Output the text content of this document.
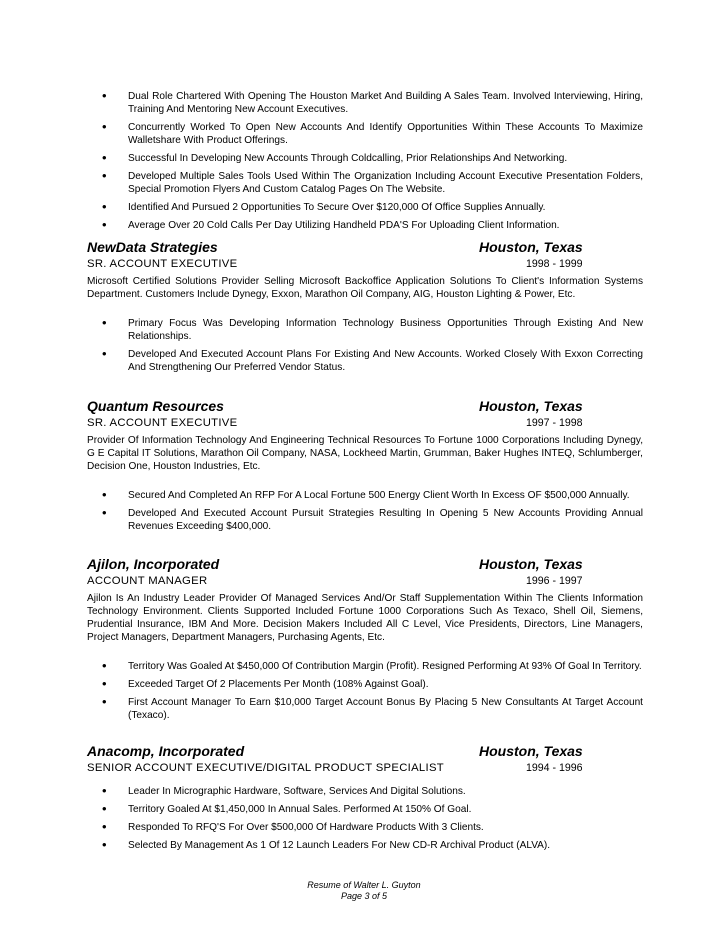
• Dual Role Chartered With Opening The Houston Market And Building A Sales Team. Involved Interviewing, Hiring, Training And Mentoring New Account Executives.
• Concurrently Worked To Open New Accounts And Identify Opportunities Within These Accounts To Maximize Walletshare With Product Offerings.
• Successful In Developing New Accounts Through Coldcalling, Prior Relationships And Networking.
• Developed Multiple Sales Tools Used Within The Organization Including Account Executive Presentation Folders, Special Promotion Flyers And Custom Catalog Pages On The Website.
• Identified And Pursued 2 Opportunities To Secure Over $120,000 Of Office Supplies Annually.
• Average Over 20 Cold Calls Per Day Utilizing Handheld PDA'S For Uploading Client Information.
NewData Strategies	Houston, Texas
SR. ACCOUNT EXECUTIVE	1998 - 1999
Microsoft Certified Solutions Provider Selling Microsoft Backoffice Application Solutions To Client's Information Systems Department. Customers Include Dynegy, Exxon, Marathon Oil Company, AIG, Houston Lighting & Power, Etc.
• Primary Focus Was Developing Information Technology Business Opportunities Through Existing And New Relationships.
• Developed And Executed Account Plans For Existing And New Accounts. Worked Closely With Exxon Correcting And Strengthening Our Preferred Vendor Status.
Quantum Resources	Houston, Texas
SR. ACCOUNT EXECUTIVE	1997 - 1998
Provider Of Information Technology And Engineering Technical Resources To Fortune 1000 Corporations Including Dynegy, G E Capital IT Solutions, Marathon Oil Company, NASA, Lockheed Martin, Grumman, Baker Hughes INTEQ, Schlumberger, Decision One, Houston Industries, Etc.
• Secured And Completed An RFP For A Local Fortune 500 Energy Client Worth In Excess OF $500,000 Annually.
• Developed And Executed Account Pursuit Strategies Resulting In Opening 5 New Accounts Providing Annual Revenues Exceeding $400,000.
Ajilon, Incorporated	Houston, Texas
ACCOUNT MANAGER	1996 - 1997
Ajilon Is An Industry Leader Provider Of Managed Services And/Or Staff Supplementation Within The Clients Information Technology Environment. Clients Supported Included Fortune 1000 Corporations Such As Texaco, Shell Oil, Siemens, Prudential Insurance, IBM And More. Decision Makers Included All C Level, Vice Presidents, Directors, Line Managers, Project Managers, Department Managers, Purchasing Agents, Etc.
• Territory Was Goaled At $450,000 Of Contribution Margin (Profit). Resigned Performing At 93% Of Goal In Territory.
• Exceeded Target Of 2 Placements Per Month (108% Against Goal).
• First Account Manager To Earn $10,000 Target Account Bonus By Placing 5 New Consultants At Target Account (Texaco).
Anacomp, Incorporated	Houston, Texas
SENIOR ACCOUNT EXECUTIVE/DIGITAL PRODUCT SPECIALIST	1994 - 1996
• Leader In Micrographic Hardware, Software, Services And Digital Solutions.
• Territory Goaled At $1,450,000 In Annual Sales. Performed At 150% Of Goal.
• Responded To RFQ'S For Over $500,000 Of Hardware Products With 3 Clients.
• Selected By Management As 1 Of 12 Launch Leaders For New CD-R Archival Product (ALVA).
Resume of Walter L. Guyton
Page 3 of 5
